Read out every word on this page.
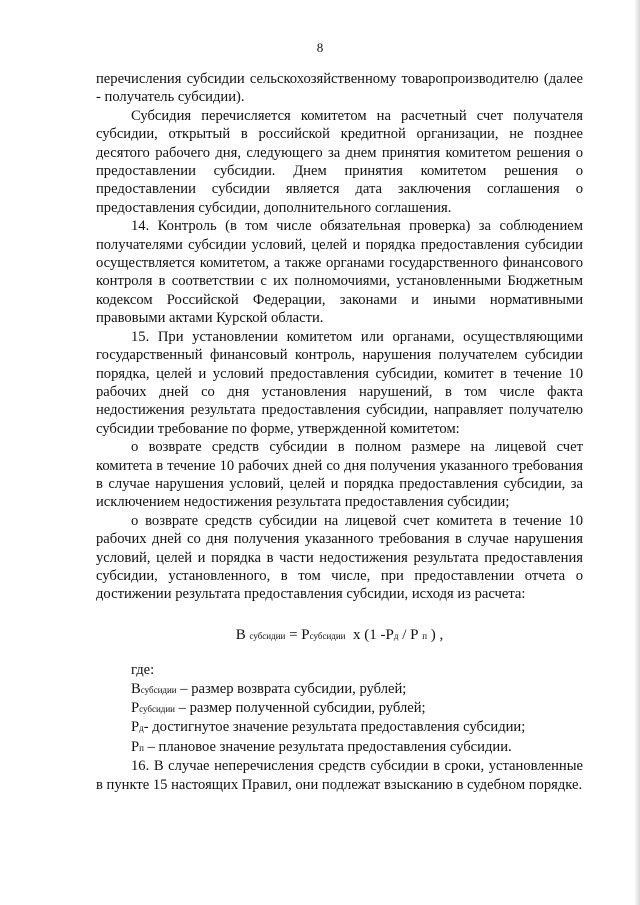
8

перечисления субсидии сельскохозяйственному товаропроизводителю (далее - получатель субсидии).

Субсидия перечисляется комитетом на расчетный счет получателя субсидии, открытый в российской кредитной организации, не позднее десятого рабочего дня, следующего за днем принятия комитетом решения о предоставлении субсидии. Днем принятия комитетом решения о предоставлении субсидии является дата заключения соглашения о предоставления субсидии, дополнительного соглашения.

14. Контроль (в том числе обязательная проверка) за соблюдением получателями субсидии условий, целей и порядка предоставления субсидии осуществляется комитетом, а также органами государственного финансового контроля в соответствии с их полномочиями, установленными Бюджетным кодексом Российской Федерации, законами и иными нормативными правовыми актами Курской области.

15. При установлении комитетом или органами, осуществляющими государственный финансовый контроль, нарушения получателем субсидии порядка, целей и условий предоставления субсидии, комитет в течение 10 рабочих дней со дня установления нарушений, в том числе факта недостижения результата предоставления субсидии, направляет получателю субсидии требование по форме, утвержденной комитетом:

о возврате средств субсидии в полном размере на лицевой счет комитета в течение 10 рабочих дней со дня получения указанного требования в случае нарушения условий, целей и порядка предоставления субсидии, за исключением недостижения результата предоставления субсидии;

о возврате средств субсидии на лицевой счет комитета в течение 10 рабочих дней со дня получения указанного требования в случае нарушения условий, целей и порядка в части недостижения результата предоставления субсидии, установленного, в том числе, при предоставлении отчета о достижении результата предоставления субсидии, исходя из расчета:

В субсидии = Рсубсидии х (1 -Рд / Р п ) ,

где:

Всубсидии – размер возврата субсидии, рублей;

Рсубсидии – размер полученной субсидии, рублей;

Рд- достигнутое значение результата предоставления субсидии;

Рп – плановое значение результата предоставления субсидии.

16. В случае неперечисления средств субсидии в сроки, установленные в пункте 15 настоящих Правил, они подлежат взысканию в судебном порядке.
